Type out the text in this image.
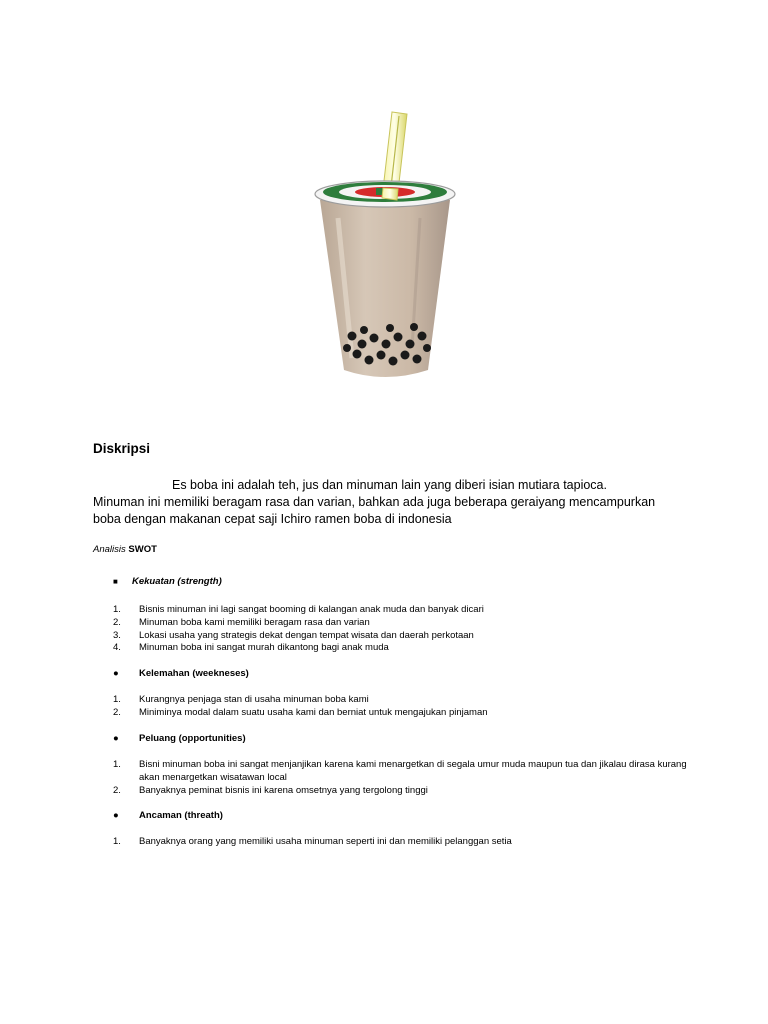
Diskripsi

Es boba ini adalah teh, jus dan minuman lain yang diberi isian mutiara tapioca.
Minuman ini memiliki beragam rasa dan varian, bahkan ada juga beberapa geraiyang mencampurkan boba dengan makanan cepat saji Ichiro ramen boba di indonesia

Analisis SWOT

■ Kekuatan (strength)

1.	Bisnis minuman ini lagi sangat booming di kalangan anak muda dan banyak dicari
2.	Minuman boba kami memiliki beragam rasa dan varian
3.	Lokasi usaha yang strategis dekat dengan tempat wisata dan daerah perkotaan
4.	Minuman boba ini sangat murah dikantong bagi anak muda

● Kelemahan (weekneses)

1.	Kurangnya penjaga stan di usaha minuman boba kami
2.	Miniminya modal dalam suatu usaha kami dan berniat untuk mengajukan pinjaman

● Peluang (opportunities)

1.	Bisni minuman boba ini sangat menjanjikan karena kami menargetkan di segala umur muda maupun tua dan jikalau dirasa kurang akan menargetkan wisatawan local
2.	Banyaknya peminat bisnis ini karena omsetnya yang tergolong tinggi

● Ancaman (threath)

1.	Banyaknya orang yang memiliki usaha minuman seperti ini dan memiliki pelanggan setia
